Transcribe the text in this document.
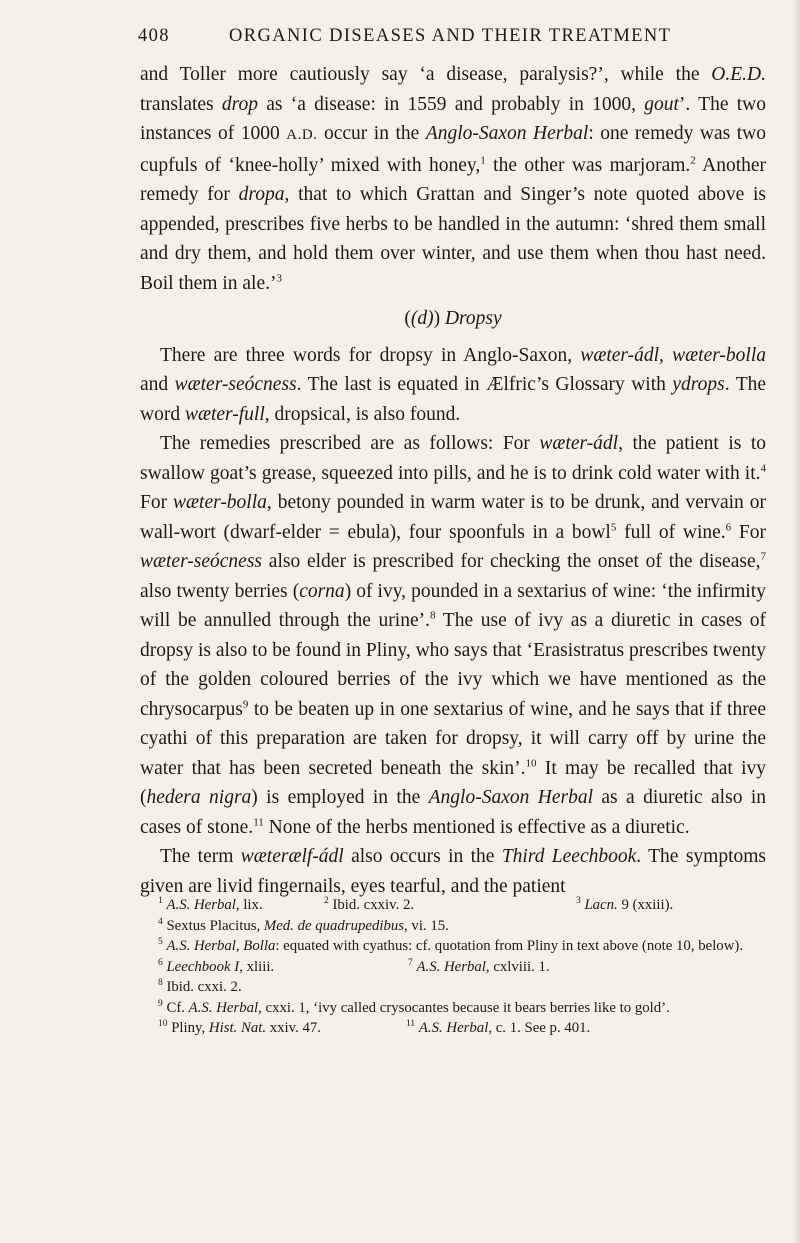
408	ORGANIC DISEASES AND THEIR TREATMENT

and Toller more cautiously say ‘a disease, paralysis?’, while the O.E.D. translates drop as ‘a disease: in 1559 and probably in 1000, gout’. The two instances of 1000 A.D. occur in the Anglo-Saxon Herbal: one remedy was two cupfuls of ‘knee-holly’ mixed with honey,$^1$ the other was marjoram.$^2$ Another remedy for dropa, that to which Grattan and Singer’s note quoted above is appended, prescribes five herbs to be handled in the autumn: ‘shred them small and dry them, and hold them over winter, and use them when thou hast need. Boil them in ale.’$^3$

((d)) Dropsy

There are three words for dropsy in Anglo-Saxon, wæter-ádl, wæter-bolla and wæter-seócness. The last is equated in Ælfric’s Glossary with ydrops. The word wæter-full, dropsical, is also found.

The remedies prescribed are as follows: For wæter-ádl, the patient is to swallow goat’s grease, squeezed into pills, and he is to drink cold water with it.$^4$ For wæter-bolla, betony pounded in warm water is to be drunk, and vervain or wall-wort (dwarf-elder = ebula), four spoonfuls in a bowl$^5$ full of wine.$^6$ For wæter-seócness also elder is prescribed for checking the onset of the disease,$^7$ also twenty berries (corna) of ivy, pounded in a sextarius of wine: ‘the infirmity will be annulled through the urine’.$^8$ The use of ivy as a diuretic in cases of dropsy is also to be found in Pliny, who says that ‘Erasistratus prescribes twenty of the golden coloured berries of the ivy which we have mentioned as the chrysocarpus$^9$ to be beaten up in one sextarius of wine, and he says that if three cyathi of this preparation are taken for dropsy, it will carry off by urine the water that has been secreted beneath the skin’.$^{10}$ It may be recalled that ivy (hedera nigra) is employed in the Anglo-Saxon Herbal as a diuretic also in cases of stone.$^{11}$ None of the herbs mentioned is effective as a diuretic.

The term wæterælf-ádl also occurs in the Third Leechbook. The symptoms given are livid fingernails, eyes tearful, and the patient

$^1$ A.S. Herbal, lix.	$^2$ Ibid. cxxiv. 2.	$^3$ Lacn. 9 (xxiii).

$^4$ Sextus Placitus, Med. de quadrupedibus, vi. 15.

$^5$ A.S. Herbal, Bolla: equated with cyathus: cf. quotation from Pliny in text above (note 10, below).

$^6$ Leechbook I, xliii.	$^7$ A.S. Herbal, cxlviii. 1.

$^8$ Ibid. cxxi. 2.

$^9$ Cf. A.S. Herbal, cxxi. 1, ‘ivy called crysocantes because it bears berries like to gold’.

$^{10}$ Pliny, Hist. Nat. xxiv. 47.	$^{11}$ A.S. Herbal, c. 1. See p. 401.
